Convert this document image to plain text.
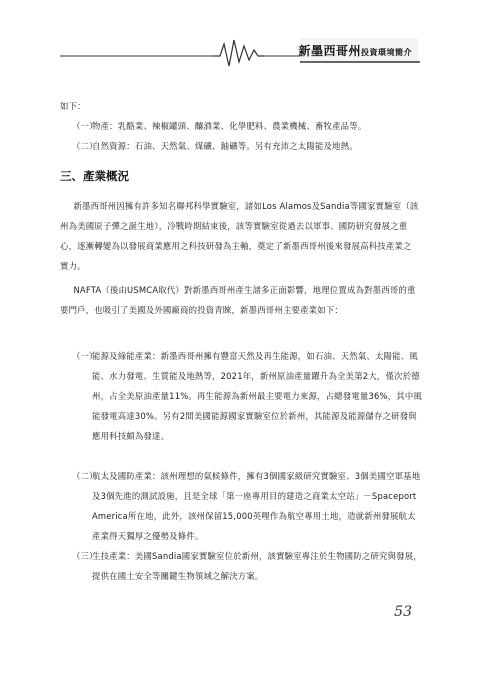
新墨西哥州投資環境簡介
如下：
（一）
物產：乳酪業、辣椒罐頭、釀酒業、化學肥料、農業機械、畜牧產品等。
（二）
自然資源：石油、天然氣、煤礦、鈾礦等。另有充沛之太陽能及地熱。
三、產業概況
新墨西哥州因擁有許多知名聯邦科學實驗室，諸如Los Alamos及Sandia等國家實驗室（該州為美國原子彈之誕生地），冷戰時期結束後，該等實驗室從過去以軍事、國防研究發展之重心，逐漸轉變為以發展商業應用之科技研發為主軸，奠定了新墨西哥州後來發展高科技產業之實力。
NAFTA（後由USMCA取代）對新墨西哥州產生諸多正面影響，地理位置成為對墨西哥的重要門戶，也吸引了美國及外國廠商的投資青睞，新墨西哥州主要產業如下：
（一）
能源及綠能產業：新墨西哥州擁有豐富天然及再生能源，如石油、天然氣、太陽能、風能、水力發電、生質能及地熱等，2021年，新州原油產量躍升為全美第2大，僅次於德州，占全美原油產量11%。再生能源為新州最主要電力來源，占總發電量36%，其中風能發電高達30%。另有2間美國能源國家實驗室位於新州，其能源及能源儲存之研發與應用科技頗為發達。
（二）
航太及國防產業：該州理想的氣候條件，擁有3個國家級研究實驗室、3個美國空軍基地及3個先進的測試設施，且是全球「第一座專用目的建造之商業太空站」－Spaceport America所在地，此外，該州保留15,000英哩作為航空專用土地，造就新州發展航太產業得天獨厚之優勢及條件。
（三）
生技產業：美國Sandia國家實驗室位於新州，該實驗室專注於生物國防之研究與發展，提供在國土安全等關鍵生物領域之解決方案。
53
